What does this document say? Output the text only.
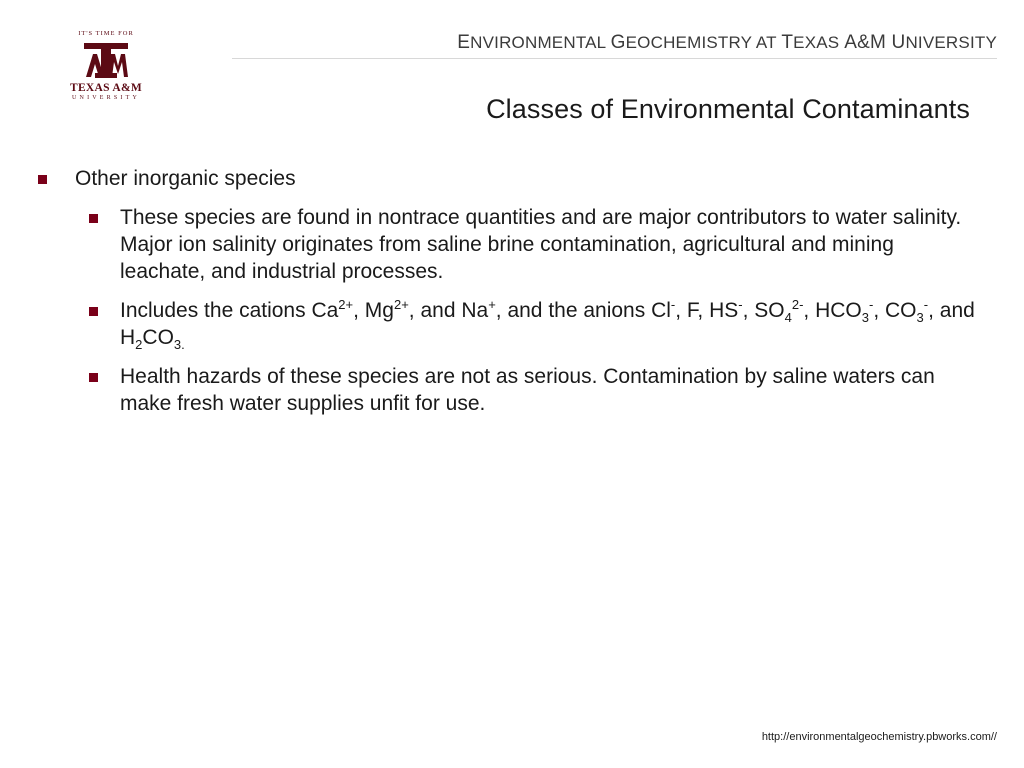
IT'S TIME FOR
TEXAS A&M
UNIVERSITY
ENVIRONMENTAL GEOCHEMISTRY AT TEXAS A&M UNIVERSITY
Classes of Environmental Contaminants
Other inorganic species
These species are found in nontrace quantities and are major contributors to water salinity. Major ion salinity originates from saline brine contamination, agricultural and mining leachate, and industrial processes.
Includes the cations $Ca^{2+}$, $Mg^{2+}$, and Na+, and the anions Cl-, F, HS-, $SO_4^{2-}$, $HCO_3^-$, $CO_3^-$, and $H_2CO_{3.}$
Health hazards of these species are not as serious. Contamination by saline waters can make fresh water supplies unfit for use.
http://environmentalgeochemistry.pbworks.com//
